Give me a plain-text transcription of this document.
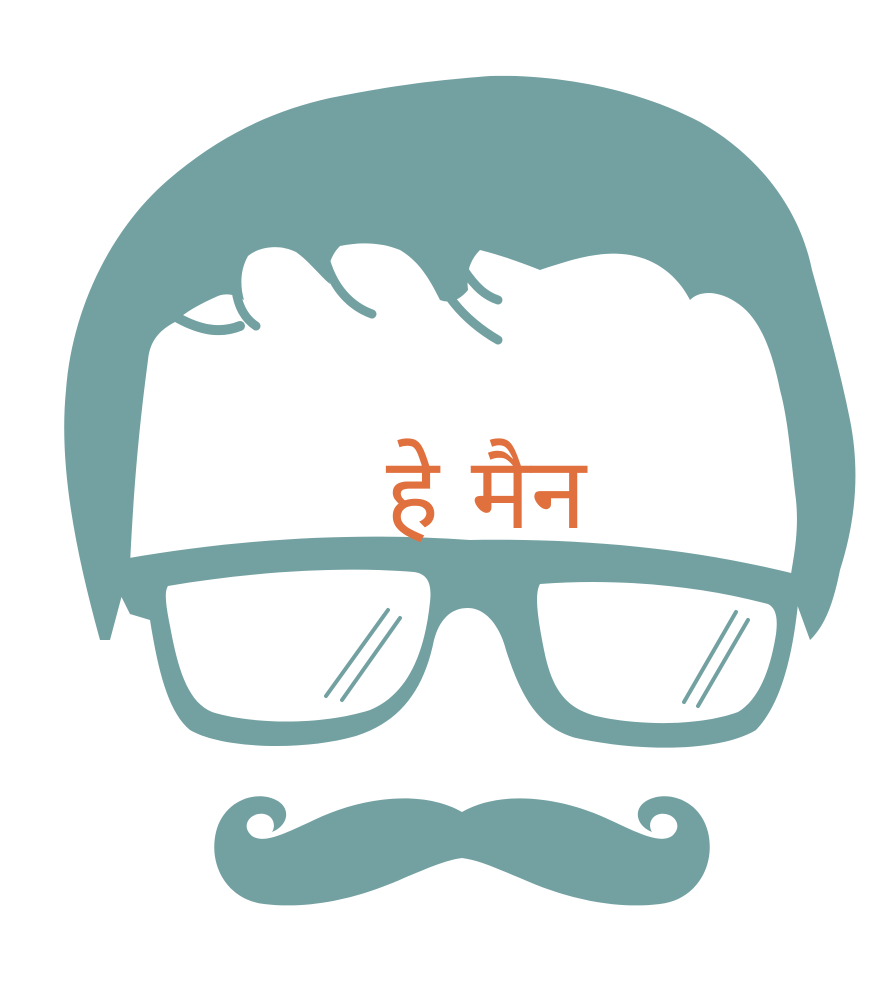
हे मैन
